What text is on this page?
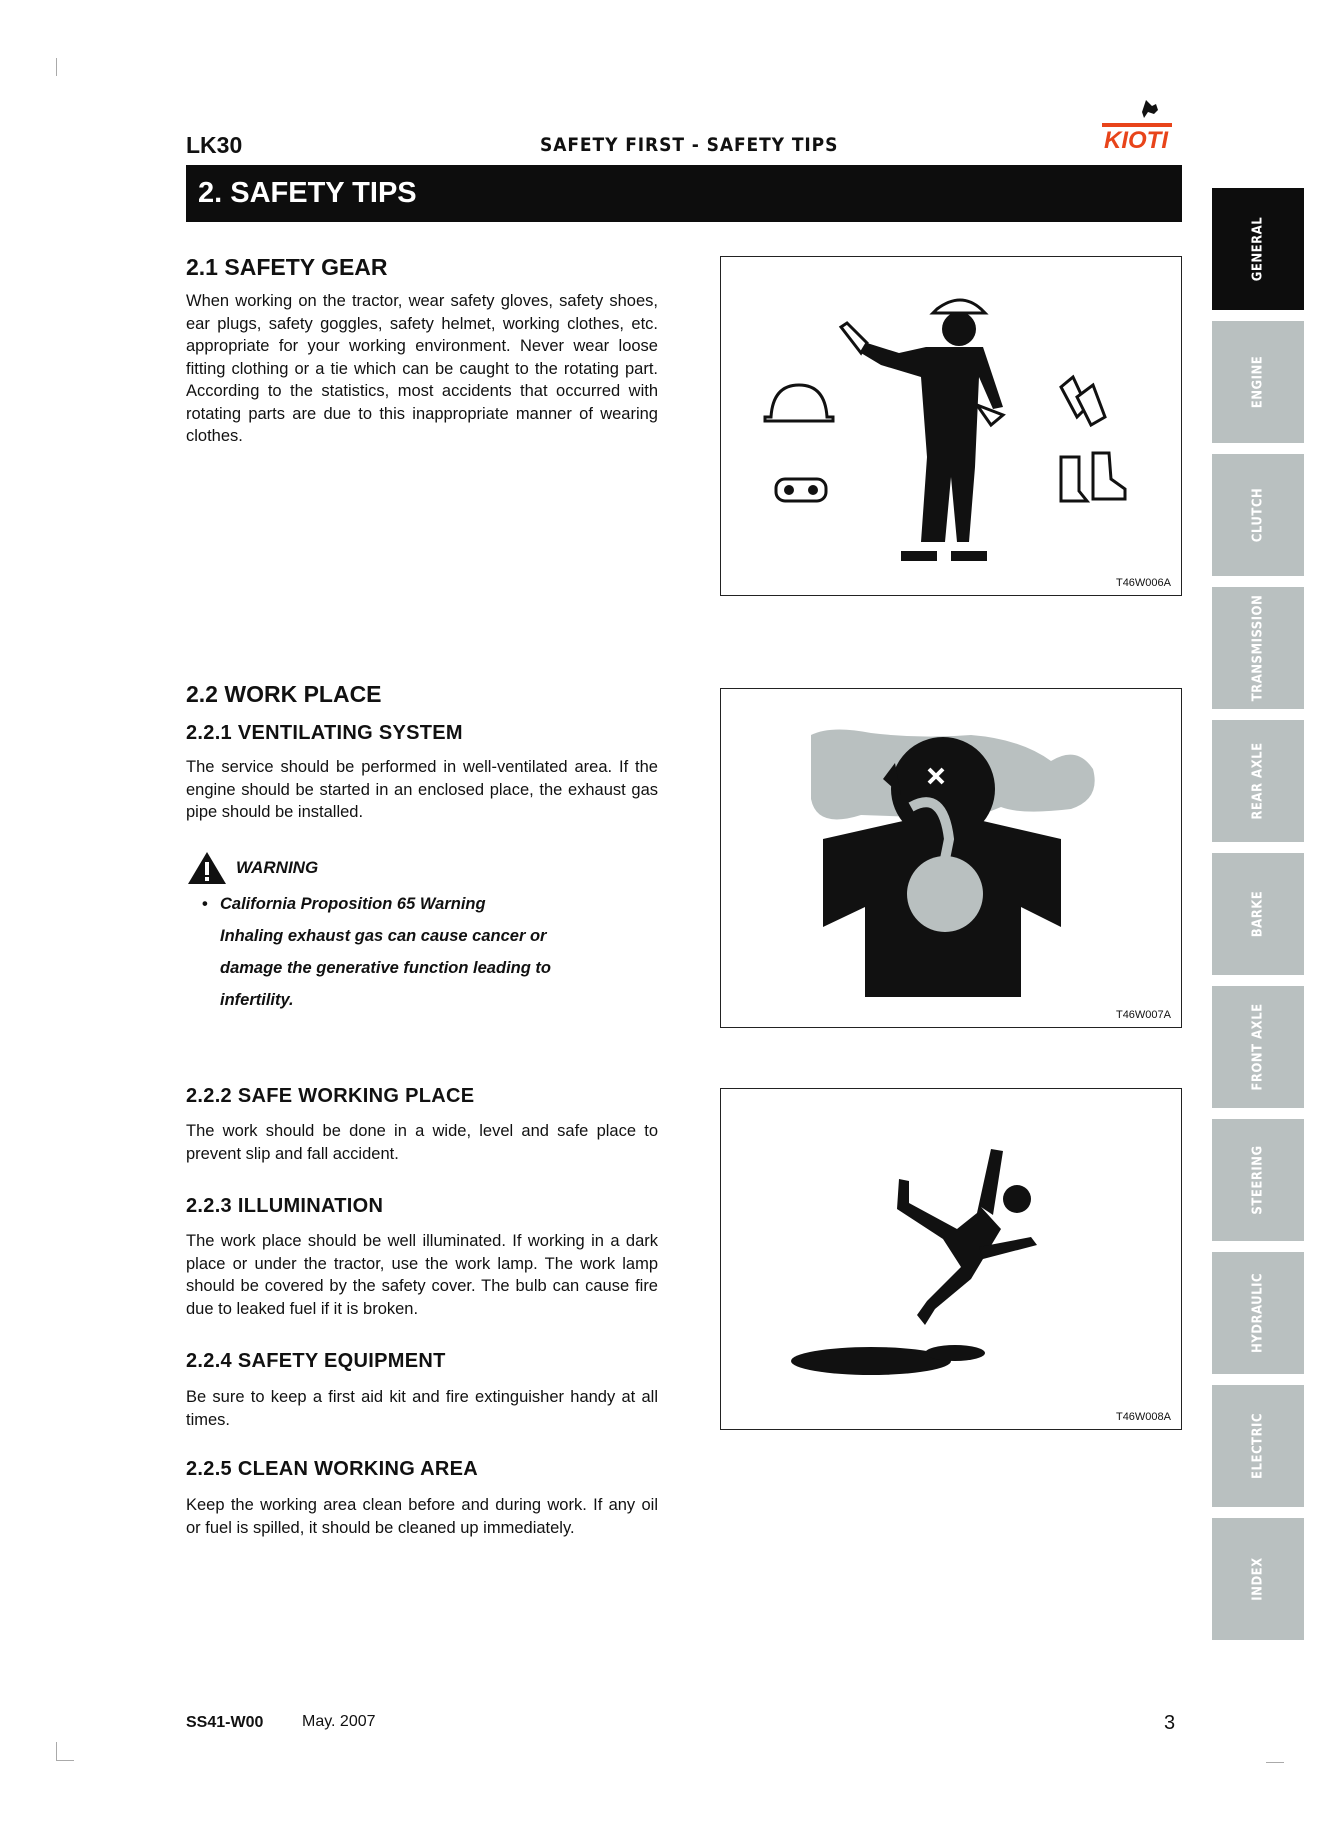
LK30	SAFETY FIRST - SAFETY TIPS	KIOTI
2. SAFETY TIPS
2.1 SAFETY GEAR

When working on the tractor, wear safety gloves, safety shoes, ear plugs, safety goggles, safety helmet, working clothes, etc. appropriate for your working environment. Never wear loose fitting clothing or a tie which can be caught to the rotating part. According to the statistics, most accidents that occurred with rotating parts are due to this inappropriate manner of wearing clothes.

T46W006A
2.2 WORK PLACE
2.2.1 VENTILATING SYSTEM

The service should be performed in well-ventilated area. If the engine should be started in an enclosed place, the exhaust gas pipe should be installed.

WARNING
• California Proposition 65 Warning
Inhaling exhaust gas can cause cancer or
damage the generative function leading to
infertility.
T46W007A
2.2.2 SAFE WORKING PLACE

The work should be done in a wide, level and safe place to prevent slip and fall accident.

T46W008A
2.2.3 ILLUMINATION

The work place should be well illuminated. If working in a dark place or under the tractor, use the work lamp. The work lamp should be covered by the safety cover. The bulb can cause fire due to leaked fuel if it is broken.

2.2.4 SAFETY EQUIPMENT

Be sure to keep a first aid kit and fire extinguisher handy at all times.

2.2.5 CLEAN WORKING AREA

Keep the working area clean before and during work. If any oil or fuel is spilled, it should be cleaned up immediately.

GENERAL
ENGINE
CLUTCH
TRANSMISSION
REAR AXLE
BARKE
FRONT AXLE
STEERING
HYDRAULIC
ELECTRIC
INDEX
SS41-W00 May. 2007	3
